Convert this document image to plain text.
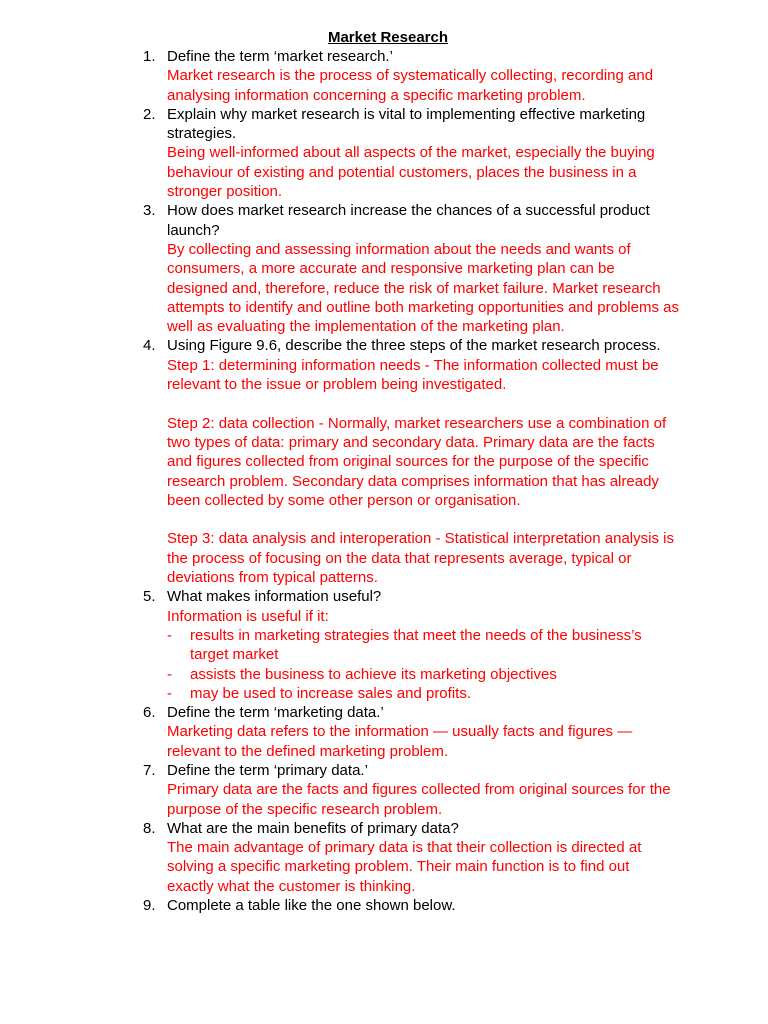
Market Research
1. Define the term ‘market research.’
Market research is the process of systematically collecting, recording and analysing information concerning a specific marketing problem.
2. Explain why market research is vital to implementing effective marketing strategies.
Being well-informed about all aspects of the market, especially the buying behaviour of existing and potential customers, places the business in a stronger position.
3. How does market research increase the chances of a successful product launch?
By collecting and assessing information about the needs and wants of consumers, a more accurate and responsive marketing plan can be designed and, therefore, reduce the risk of market failure. Market research attempts to identify and outline both marketing opportunities and problems as well as evaluating the implementation of the marketing plan.
4. Using Figure 9.6, describe the three steps of the market research process.
Step 1: determining information needs - The information collected must be relevant to the issue or problem being investigated.
Step 2: data collection - Normally, market researchers use a combination of two types of data: primary and secondary data. Primary data are the facts and figures collected from original sources for the purpose of the specific research problem. Secondary data comprises information that has already been collected by some other person or organisation.
Step 3: data analysis and interoperation - Statistical interpretation analysis is the process of focusing on the data that represents average, typical or deviations from typical patterns.
5. What makes information useful?
Information is useful if it:
- results in marketing strategies that meet the needs of the business’s target market
- assists the business to achieve its marketing objectives
- may be used to increase sales and profits.
6. Define the term ‘marketing data.’
Marketing data refers to the information — usually facts and figures — relevant to the defined marketing problem.
7. Define the term ‘primary data.’
Primary data are the facts and figures collected from original sources for the purpose of the specific research problem.
8. What are the main benefits of primary data?
The main advantage of primary data is that their collection is directed at solving a specific marketing problem. Their main function is to find out exactly what the customer is thinking.
9. Complete a table like the one shown below.
